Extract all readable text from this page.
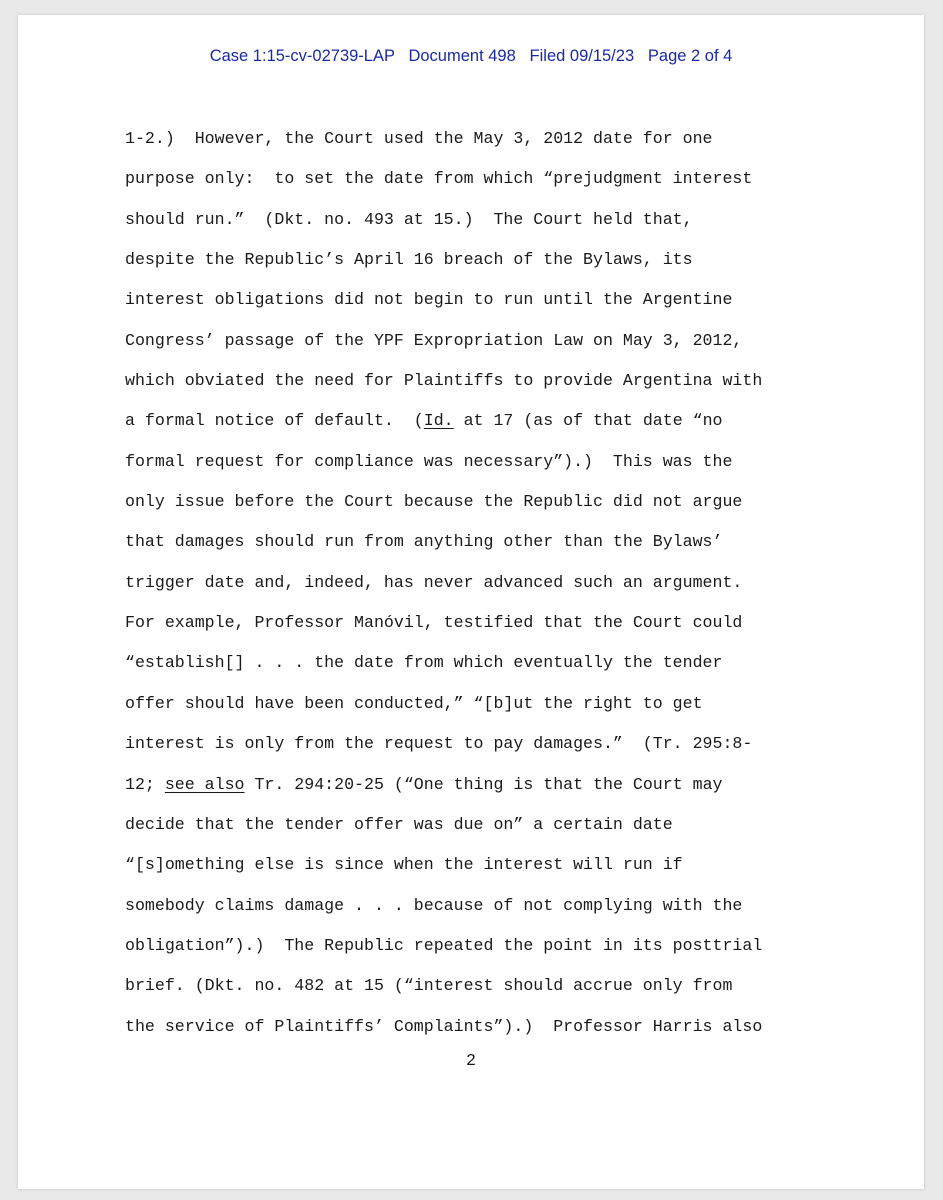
Case 1:15-cv-02739-LAP Document 498 Filed 09/15/23 Page 2 of 4
1-2.)  However, the Court used the May 3, 2012 date for one
purpose only:  to set the date from which “prejudgment interest
should run.”  (Dkt. no. 493 at 15.)  The Court held that,
despite the Republic’s April 16 breach of the Bylaws, its
interest obligations did not begin to run until the Argentine
Congress’ passage of the YPF Expropriation Law on May 3, 2012,
which obviated the need for Plaintiffs to provide Argentina with
a formal notice of default.  (Id. at 17 (as of that date “no
formal request for compliance was necessary”).)  This was the
only issue before the Court because the Republic did not argue
that damages should run from anything other than the Bylaws’
trigger date and, indeed, has never advanced such an argument.
For example, Professor Manóvil, testified that the Court could
“establish[] . . . the date from which eventually the tender
offer should have been conducted,” “[b]ut the right to get
interest is only from the request to pay damages.”  (Tr. 295:8-
12; see also Tr. 294:20-25 (“One thing is that the Court may
decide that the tender offer was due on” a certain date
“[s]omething else is since when the interest will run if
somebody claims damage . . . because of not complying with the
obligation”).)  The Republic repeated the point in its posttrial
brief. (Dkt. no. 482 at 15 (“interest should accrue only from
the service of Plaintiffs’ Complaints”).)  Professor Harris also
2
